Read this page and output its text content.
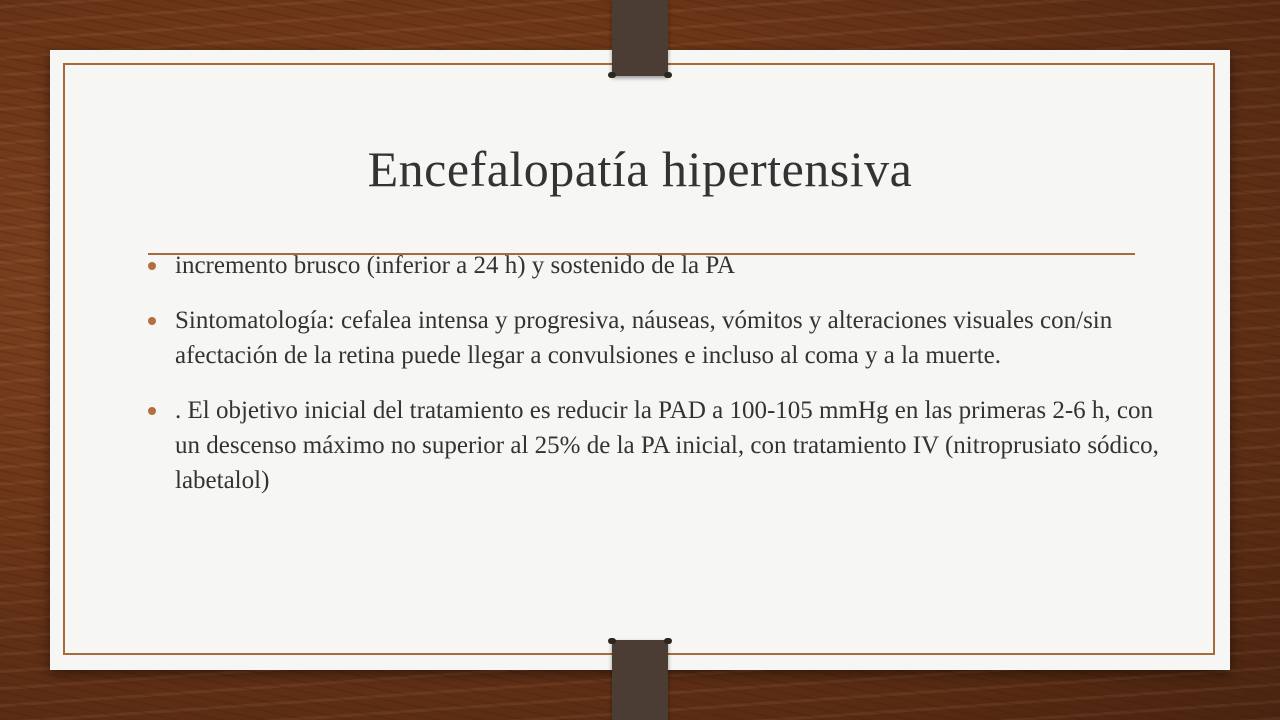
Encefalopatía hipertensiva
incremento brusco (inferior a 24 h) y sostenido de la PA
Sintomatología: cefalea intensa y progresiva, náuseas, vómitos y alteraciones visuales con/sin afectación de la retina puede llegar a convulsiones e incluso al coma y a la muerte.
. El objetivo inicial del tratamiento es reducir la PAD a 100-105 mmHg en las primeras 2-6 h, con un descenso máximo no superior al 25% de la PA inicial, con tratamiento IV (nitroprusiato sódico, labetalol)
